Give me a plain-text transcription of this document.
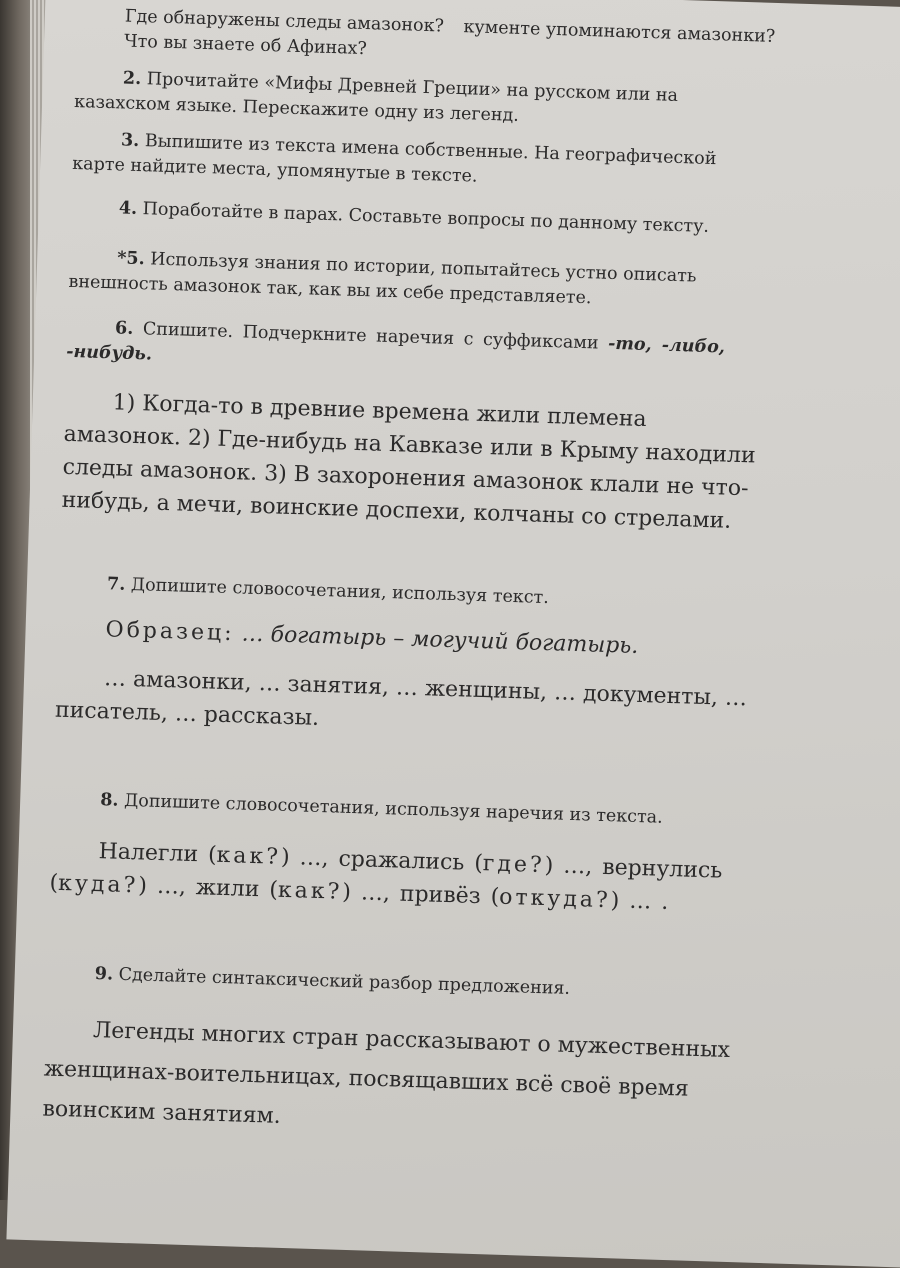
Где обнаружены следы амазонок? кументе упоминаются амазонки?

Что вы знаете об Афинах?

2. Прочитайте «Мифы Древней Греции» на русском или на казахском языке. Перескажите одну из легенд.

3. Выпишите из текста имена собственные. На географической карте найдите места, упомянутые в тексте.

4. Поработайте в парах. Составьте вопросы по данному тексту.

*5. Используя знания по истории, попытайтесь устно описать внешность амазонок так, как вы их себе представляете.

6. Спишите. Подчеркните наречия с суффиксами -то, -либо, -нибудь.

1) Когда-то в древние времена жили племена амазонок. 2) Где-нибудь на Кавказе или в Крыму находили следы амазонок. 3) В захоронения амазонок клали не что-нибудь, а мечи, воинские доспехи, колчаны со стрелами.

7. Допишите словосочетания, используя текст.

Образец: … богатырь – могучий богатырь.

… амазонки, … занятия, … женщины, … документы, … писатель, … рассказы.

8. Допишите словосочетания, используя наречия из текста.

Налегли (как?) …, сражались (где?) …, вернулись (куда?) …, жили (как?) …, привёз (откуда?) … .

9. Сделайте синтаксический разбор предложения.

Легенды многих стран рассказывают о мужественных женщинах-воительницах, посвящавших всё своё время воинским занятиям.
